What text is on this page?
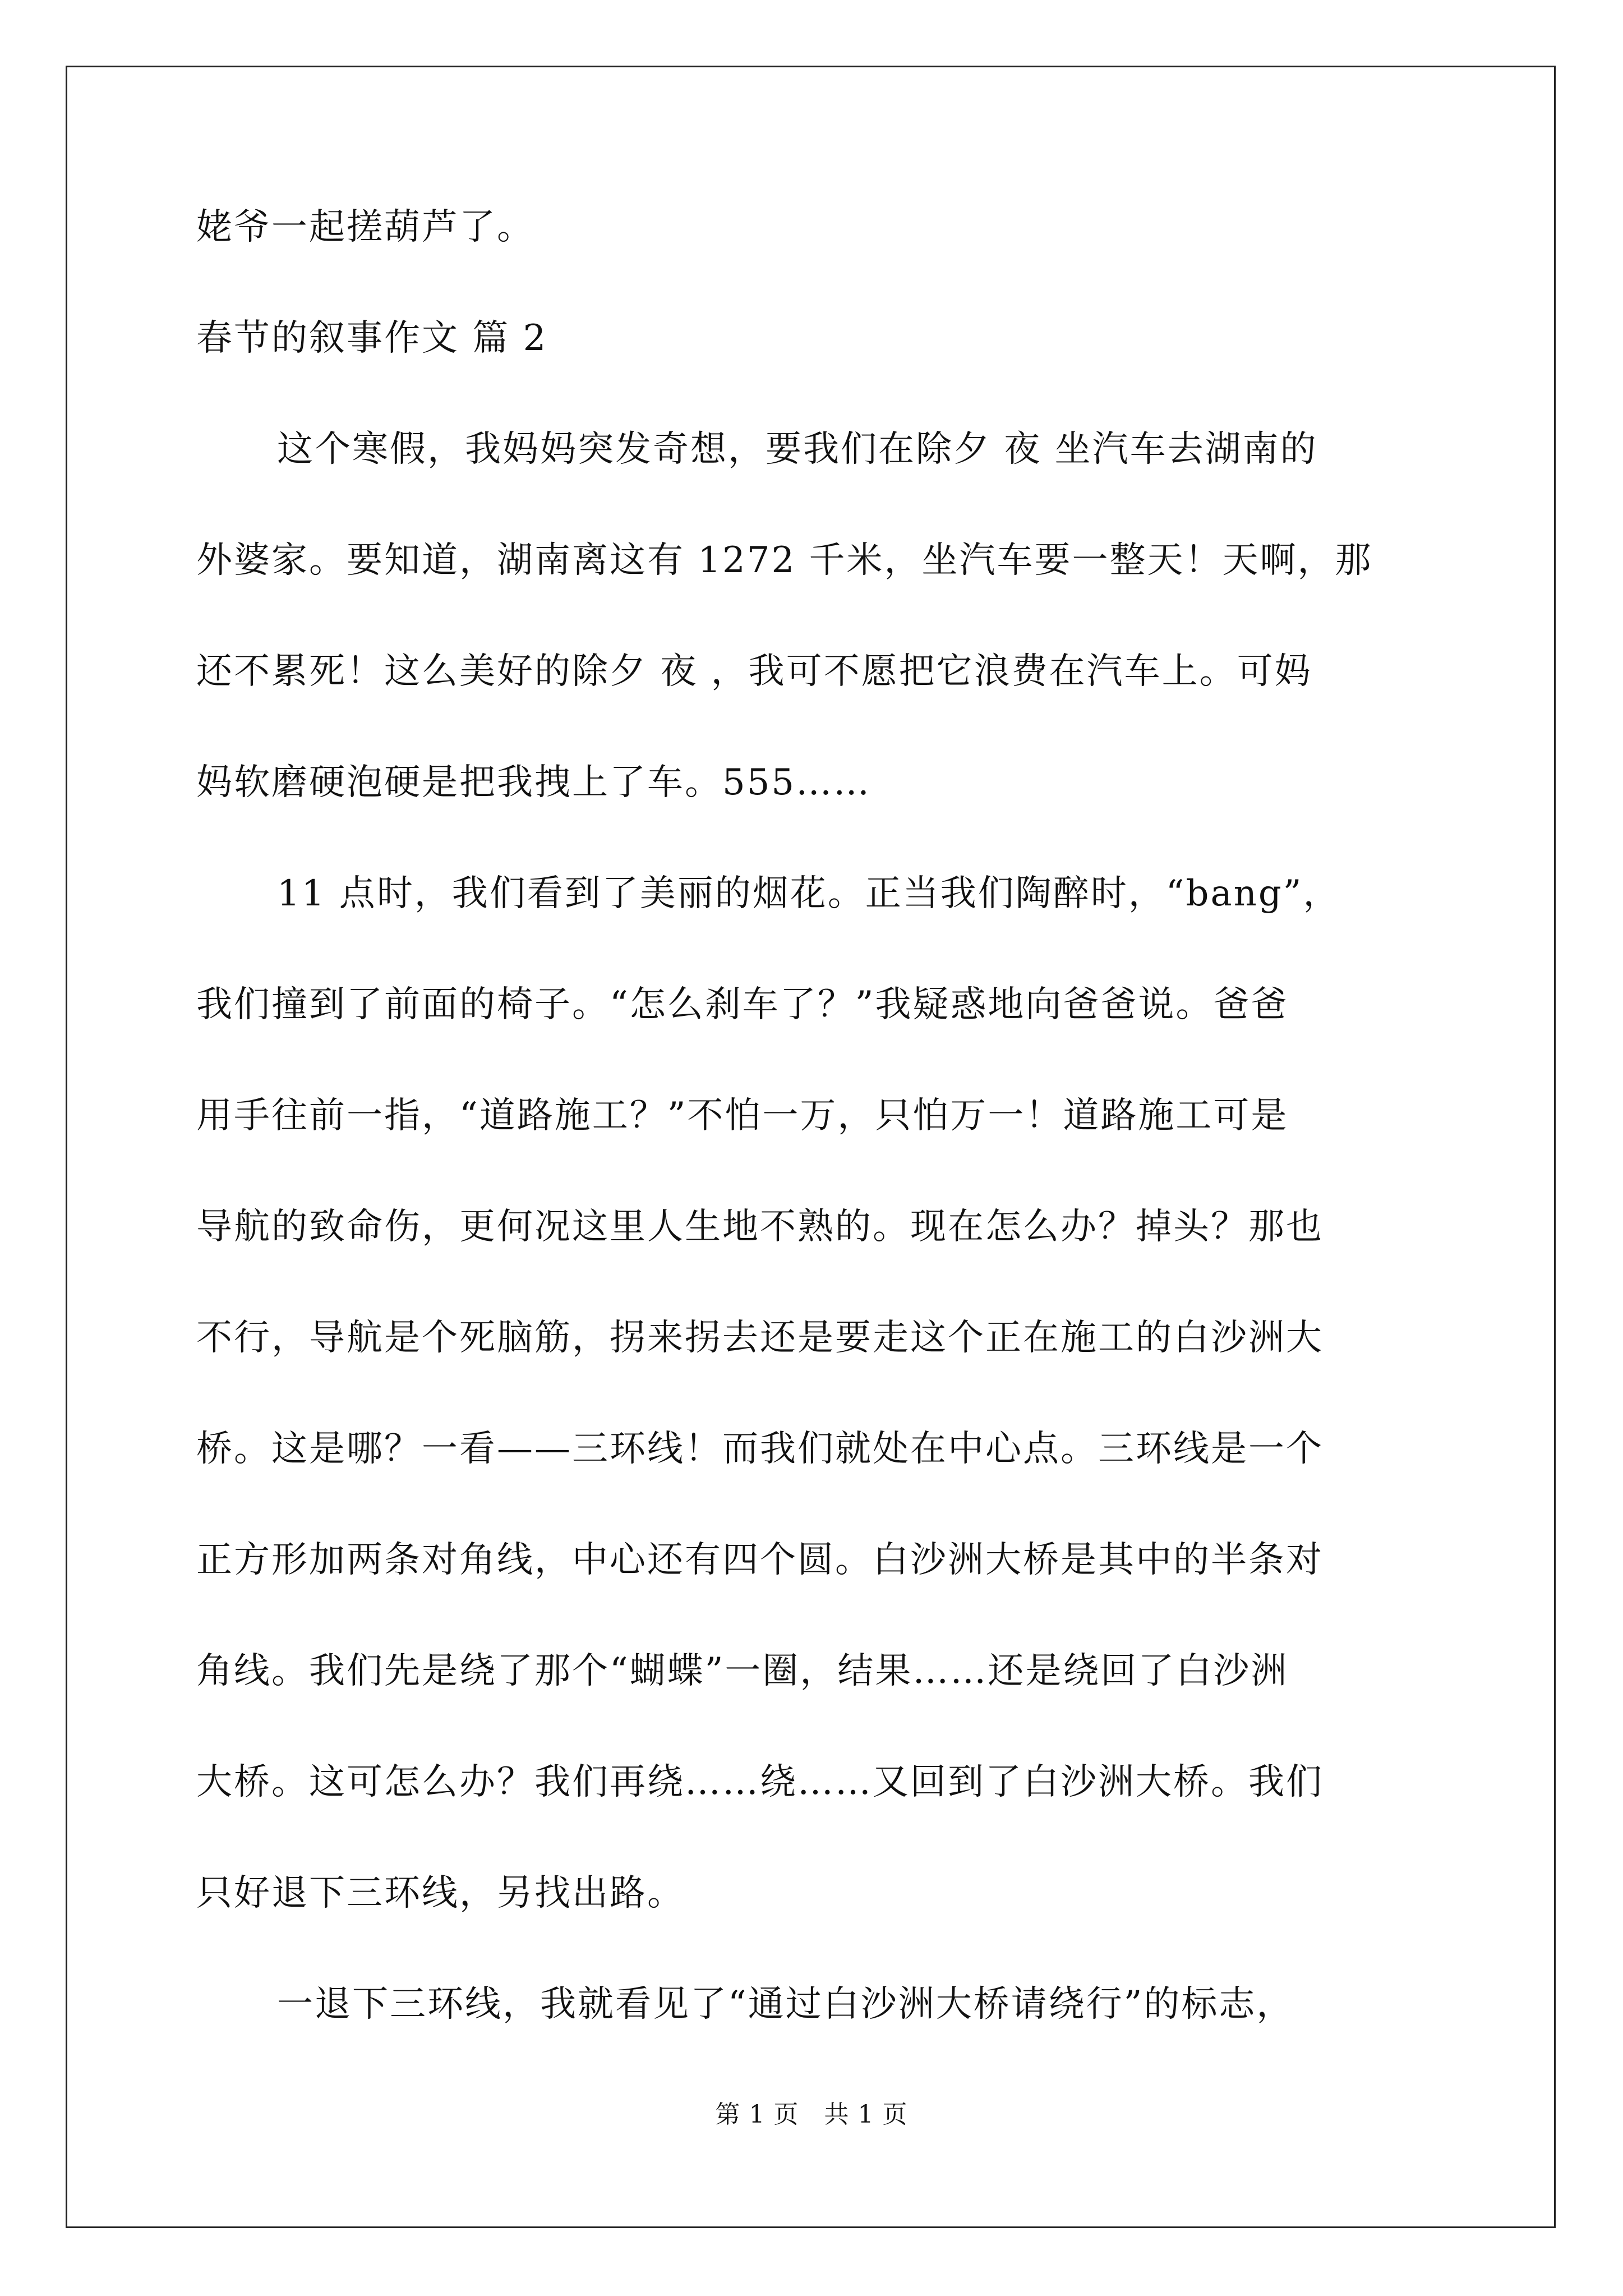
姥爷一起搓葫芦了。
春节的叙事作文 篇 2
这个寒假，我妈妈突发奇想，要我们在除夕 夜 坐汽车去湖南的
外婆家。要知道，湖南离这有 1272 千米，坐汽车要一整天！天啊，那
还不累死！这么美好的除夕 夜 ，我可不愿把它浪费在汽车上。可妈
妈软磨硬泡硬是把我拽上了车。555……
11 点时，我们看到了美丽的烟花。正当我们陶醉时，“bang”，
我们撞到了前面的椅子。“怎么刹车了？”我疑惑地向爸爸说。爸爸
用手往前一指，“道路施工？”不怕一万，只怕万一！道路施工可是
导航的致命伤，更何况这里人生地不熟的。现在怎么办？掉头？那也
不行，导航是个死脑筋，拐来拐去还是要走这个正在施工的白沙洲大
桥。这是哪？一看——三环线！而我们就处在中心点。三环线是一个
正方形加两条对角线，中心还有四个圆。白沙洲大桥是其中的半条对
角线。我们先是绕了那个“蝴蝶”一圈，结果……还是绕回了白沙洲
大桥。这可怎么办？我们再绕……绕……又回到了白沙洲大桥。我们
只好退下三环线，另找出路。
一退下三环线，我就看见了“通过白沙洲大桥请绕行”的标志，
第 1 页　共 1 页
